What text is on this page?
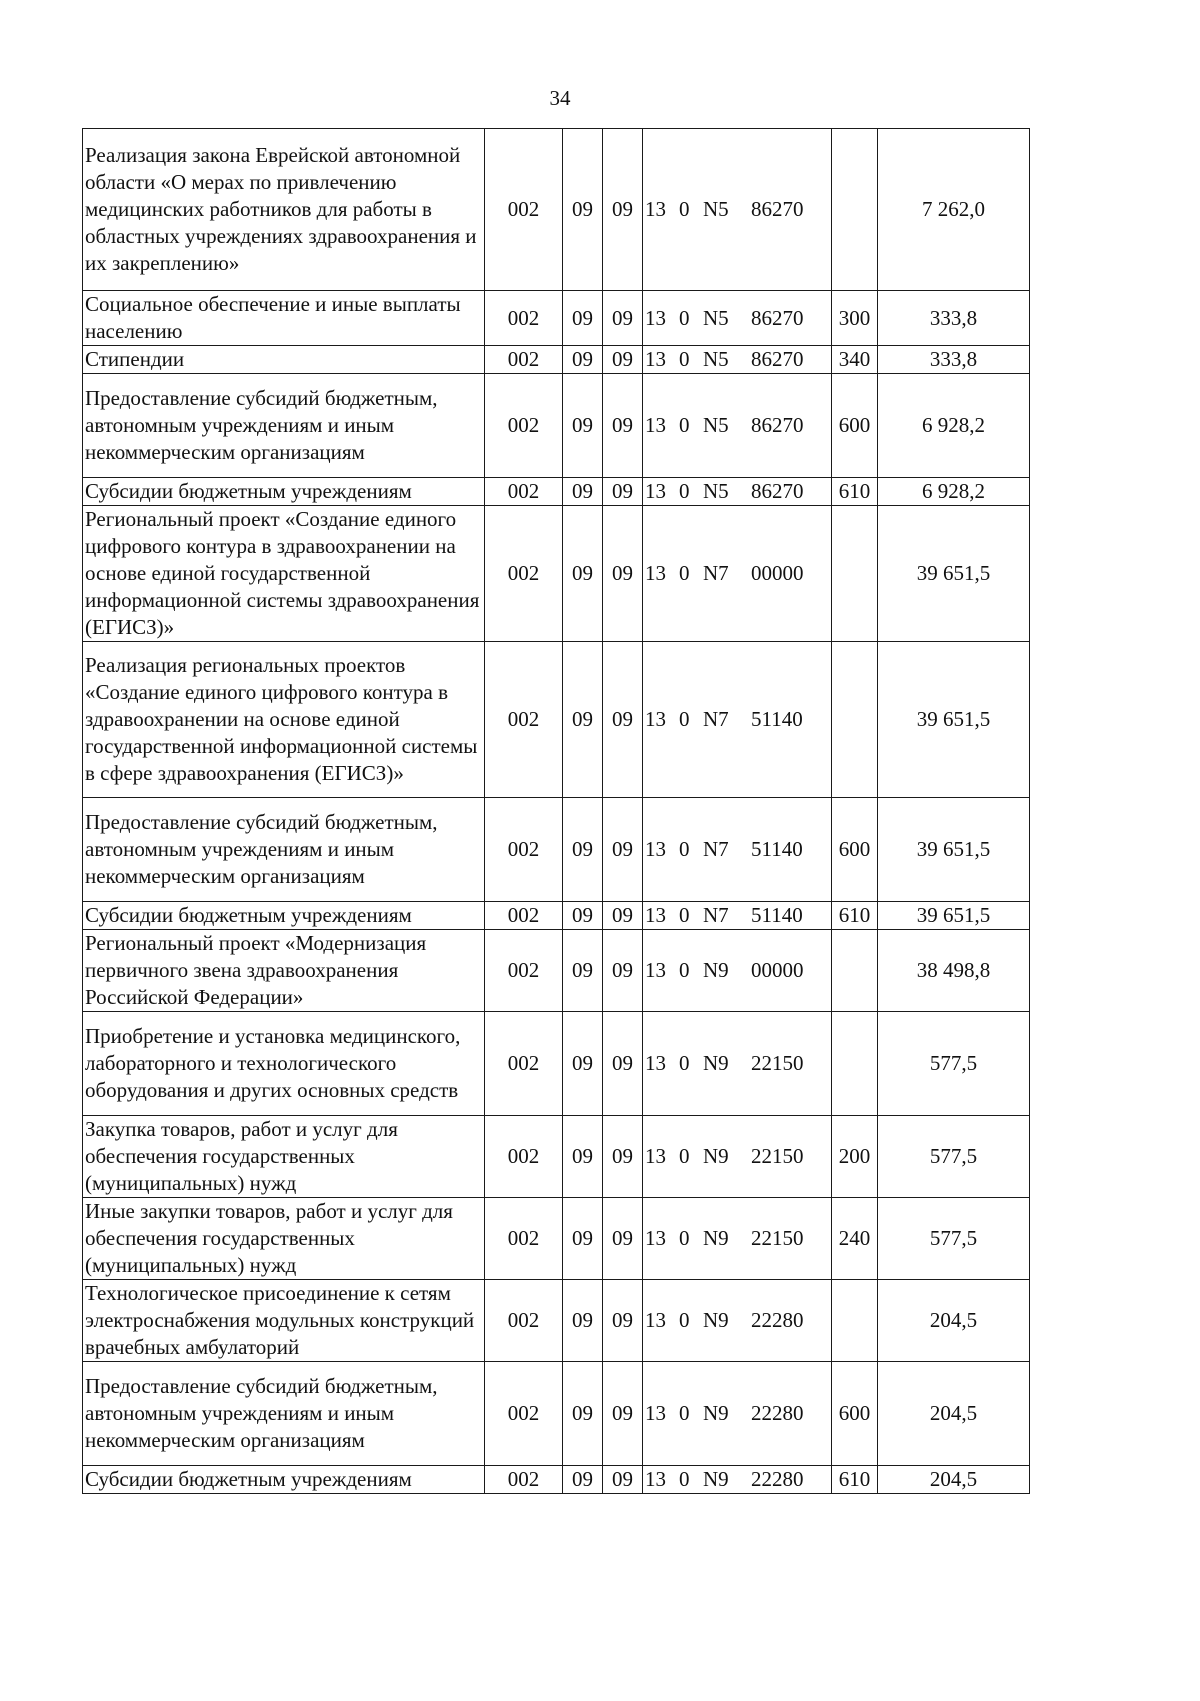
34
Реализация закона Еврейской автономной области «О мерах по привлечению медицинских работников для работы в областных учреждениях здравоохранения и их закреплению»	002	09	09	13 0 N5 86270		7 262,0
Социальное обеспечение и иные выплаты населению	002	09	09	13 0 N5 86270	300	333,8
Стипендии	002	09	09	13 0 N5 86270	340	333,8
Предоставление субсидий бюджетным, автономным учреждениям и иным некоммерческим организациям	002	09	09	13 0 N5 86270	600	6 928,2
Субсидии бюджетным учреждениям	002	09	09	13 0 N5 86270	610	6 928,2
Региональный проект «Создание единого цифрового контура в здравоохранении на основе единой государственной информационной системы здравоохранения (ЕГИСЗ)»	002	09	09	13 0 N7 00000		39 651,5
Реализация региональных проектов «Создание единого цифрового контура в здравоохранении на основе единой государственной информационной системы в сфере здравоохранения (ЕГИСЗ)»	002	09	09	13 0 N7 51140		39 651,5
Предоставление субсидий бюджетным, автономным учреждениям и иным некоммерческим организациям	002	09	09	13 0 N7 51140	600	39 651,5
Субсидии бюджетным учреждениям	002	09	09	13 0 N7 51140	610	39 651,5
Региональный проект «Модернизация первичного звена здравоохранения Российской Федерации»	002	09	09	13 0 N9 00000		38 498,8
Приобретение и установка медицинского, лабораторного и технологического оборудования и других основных средств	002	09	09	13 0 N9 22150		577,5
Закупка товаров, работ и услуг для обеспечения государственных (муниципальных) нужд	002	09	09	13 0 N9 22150	200	577,5
Иные закупки товаров, работ и услуг для обеспечения государственных (муниципальных) нужд	002	09	09	13 0 N9 22150	240	577,5
Технологическое присоединение к сетям электроснабжения модульных конструкций врачебных амбулаторий	002	09	09	13 0 N9 22280		204,5
Предоставление субсидий бюджетным, автономным учреждениям и иным некоммерческим организациям	002	09	09	13 0 N9 22280	600	204,5
Субсидии бюджетным учреждениям	002	09	09	13 0 N9 22280	610	204,5
